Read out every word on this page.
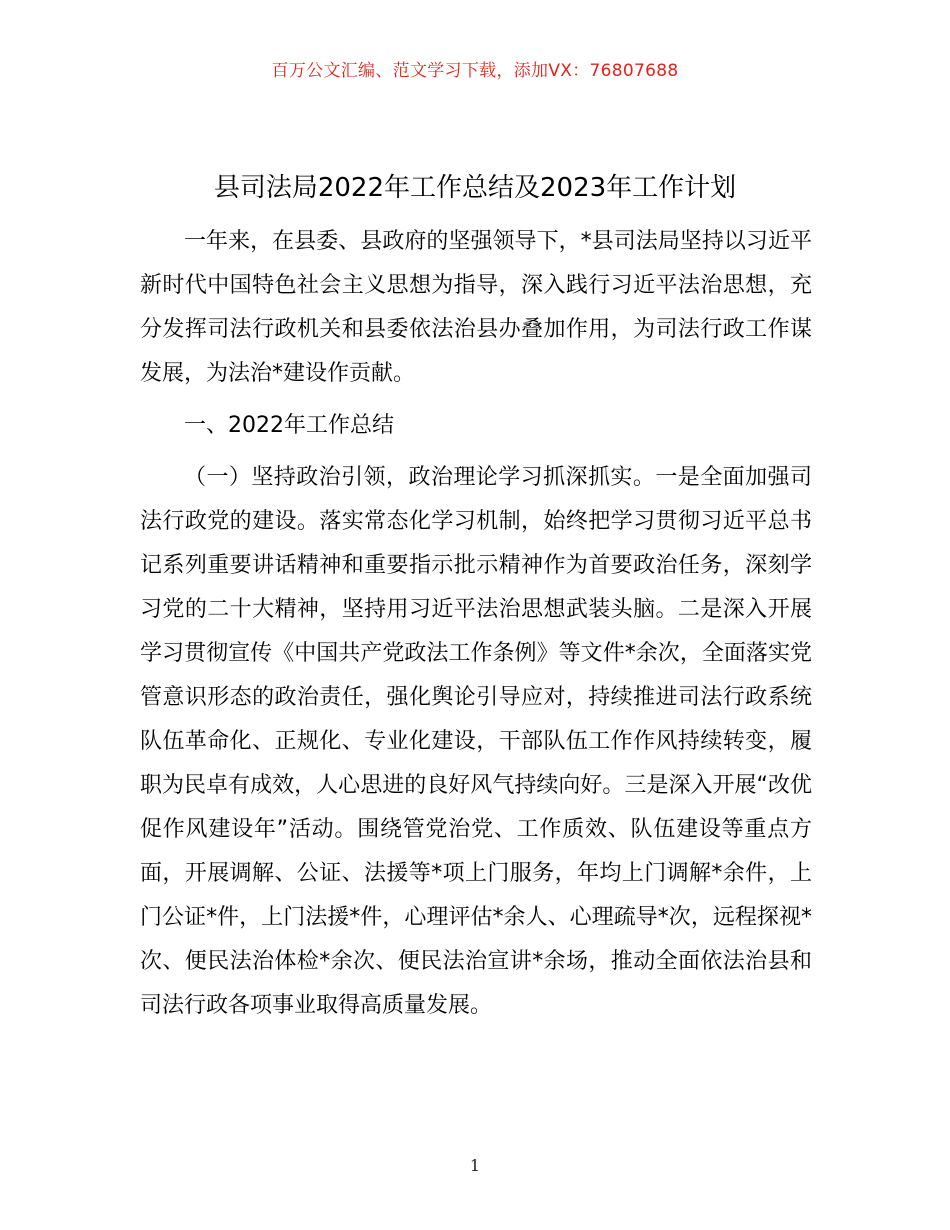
百万公文汇编、范文学习下载，添加VX：76807688
县司法局2022年工作总结及2023年工作计划

一年来，在县委、县政府的坚强领导下，*县司法局坚持以习近平新时代中国特色社会主义思想为指导，深入践行习近平法治思想，充分发挥司法行政机关和县委依法治县办叠加作用，为司法行政工作谋发展，为法治*建设作贡献。

一、2022年工作总结

（一）坚持政治引领，政治理论学习抓深抓实。一是全面加强司法行政党的建设。落实常态化学习机制，始终把学习贯彻习近平总书记系列重要讲话精神和重要指示批示精神作为首要政治任务，深刻学习党的二十大精神，坚持用习近平法治思想武装头脑。二是深入开展学习贯彻宣传《中国共产党政法工作条例》等文件*余次，全面落实党管意识形态的政治责任，强化舆论引导应对，持续推进司法行政系统队伍革命化、正规化、专业化建设，干部队伍工作作风持续转变，履职为民卓有成效，人心思进的良好风气持续向好。三是深入开展“改优促作风建设年”活动。围绕管党治党、工作质效、队伍建设等重点方面，开展调解、公证、法援等*项上门服务，年均上门调解*余件，上门公证*件，上门法援*件，心理评估*余人、心理疏导*次，远程探视*次、便民法治体检*余次、便民法治宣讲*余场，推动全面依法治县和司法行政各项事业取得高质量发展。

1
